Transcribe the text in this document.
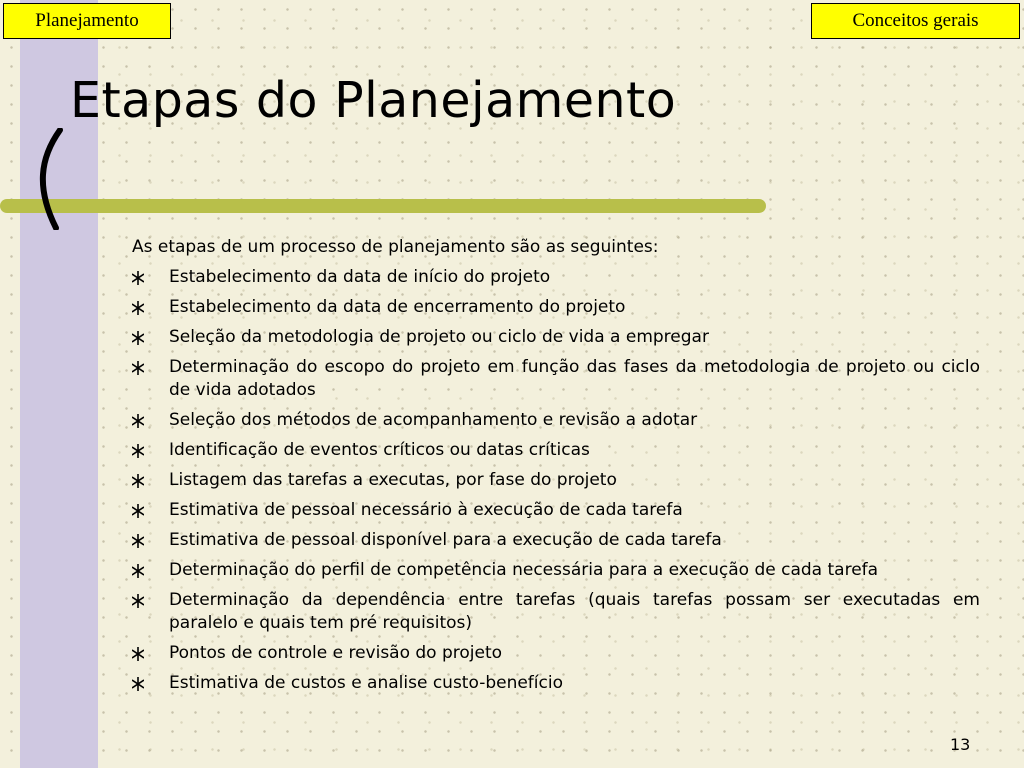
Planejamento	Conceitos gerais
Etapas do Planejamento

As etapas de um processo de planejamento são as seguintes:

Estabelecimento da data de início do projeto
Estabelecimento da data de encerramento do projeto
Seleção da metodologia de projeto ou ciclo de vida a empregar
Determinação do escopo do projeto em função das fases da metodologia de projeto ou ciclo de vida adotados
Seleção dos métodos de acompanhamento e revisão a adotar
Identificação de eventos críticos ou datas críticas
Listagem das tarefas a executas, por fase do projeto
Estimativa de pessoal necessário à execução de cada tarefa
Estimativa de pessoal disponível para a execução de cada tarefa
Determinação do perfil de competência necessária para a execução de cada tarefa
Determinação da dependência entre tarefas (quais tarefas possam ser executadas em paralelo e quais tem pré requisitos)
Pontos de controle e revisão do projeto
Estimativa de custos e analise custo-benefício
13
